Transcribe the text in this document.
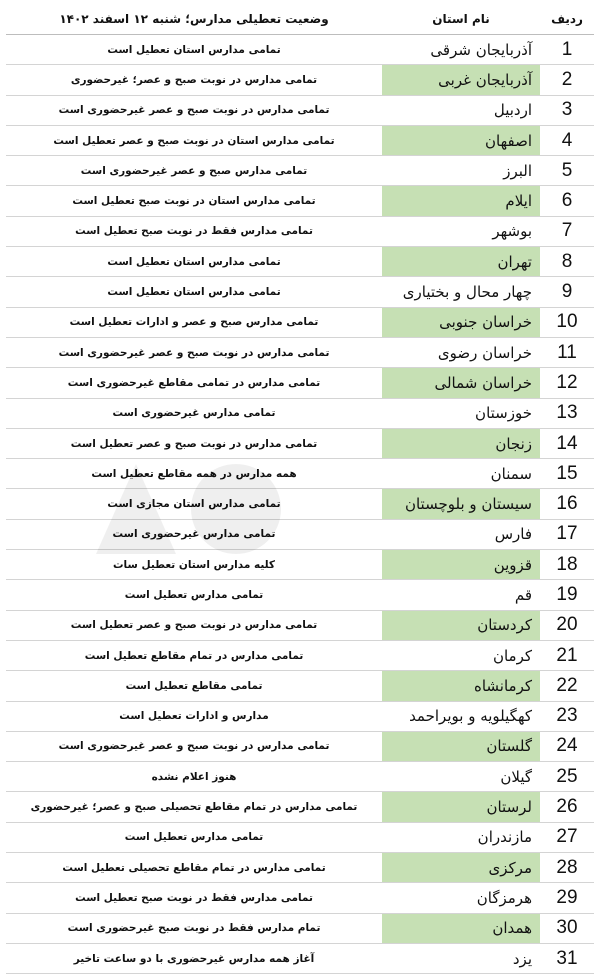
ردیف	نام استان	وضعیت تعطیلی مدارس؛ شنبه ۱۲ اسفند ۱۴۰۲
1	آذربایجان شرقی	تمامی مدارس استان تعطیل است
2	آذربایجان غربی	تمامی مدارس در نوبت صبح و عصر؛ غیرحضوری
3	اردبیل	تمامی مدارس در نوبت صبح و عصر غیرحضوری است
4	اصفهان	تمامی مدارس استان در نوبت صبح و عصر تعطیل است
5	البرز	تمامی مدارس صبح و عصر غیرحضوری است
6	ایلام	تمامی مدارس استان در نوبت صبح تعطیل است
7	بوشهر	تمامی مدارس فقط در نوبت صبح تعطیل است
8	تهران	تمامی مدارس استان تعطیل است
9	چهار محال و بختیاری	تمامی مدارس استان تعطیل است
10	خراسان جنوبی	تمامی مدارس صبح و عصر و ادارات تعطیل است
11	خراسان رضوی	تمامی مدارس در نوبت صبح و عصر غیرحضوری است
12	خراسان شمالی	تمامی مدارس در تمامی مقاطع غیرحضوری است
13	خوزستان	تمامی مدارس غیرحضوری است
14	زنجان	تمامی مدارس در نوبت صبح و عصر تعطیل است
15	سمنان	همه مدارس در همه مقاطع تعطیل است
16	سیستان و بلوچستان	تمامی مدارس استان مجازی است
17	فارس	تمامی مدارس غیرحضوری است
18	قزوین	کلیه مدارس استان تعطیل سات
19	قم	تمامی مدارس تعطیل است
20	کردستان	تمامی مدارس در نوبت صبح و عصر تعطیل است
21	کرمان	تمامی مدارس در تمام مقاطع تعطیل است
22	کرمانشاه	تمامی مقاطع تعطیل است
23	کهگیلویه و بویراحمد	مدارس و ادارات تعطیل است
24	گلستان	تمامی مدارس در نوبت صبح و عصر غیرحضوری است
25	گیلان	هنوز اعلام نشده
26	لرستان	تمامی مدارس در تمام مقاطع تحصیلی صبح و عصر؛ غیرحضوری
27	مازندران	تمامی مدارس تعطیل است
28	مرکزی	تمامی مدارس در تمام مقاطع تحصیلی تعطیل است
29	هرمزگان	تمامی مدارس فقط در نوبت صبح تعطیل است
30	همدان	تمام مدارس فقط در نوبت صبح غیرحضوری است
31	یزد	آغاز همه مدارس غیرحضوری با دو ساعت تاخیر
